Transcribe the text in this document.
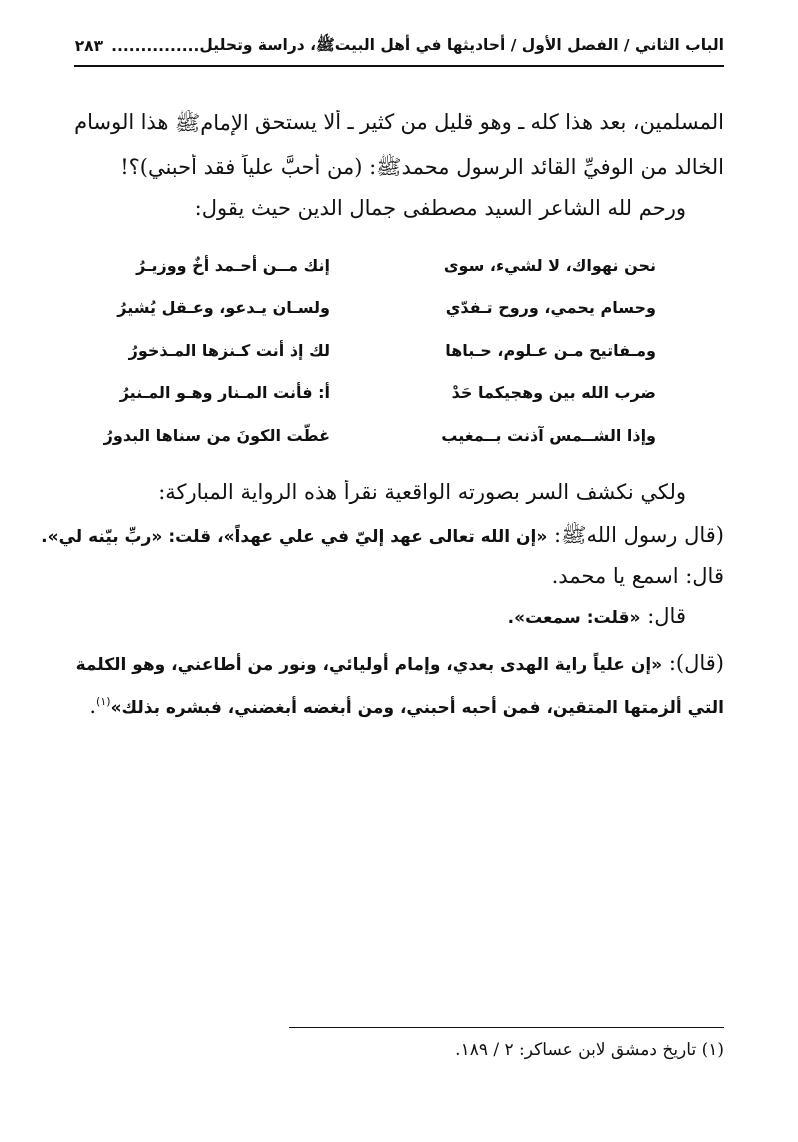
الباب الثاني / الفصل الأول / أحاديثها في أهل البيتﷺ، دراسة وتحليل
...............
٢٨٣
المسلمين،
بعد
هذا
كله
ـ
وهو
قليل
من
كثير
ـ
ألا
يستحق
الإمامﷺ
هذا
الوسام
الخالد من الوفيِّ القائد الرسول محمدﷺ: (من أحبَّ علياً فقد أحبني)؟!
ورحم لله الشاعر السيد مصطفى جمال الدين حيث يقول:
نحن نهواك، لا لشيء، سوى
إنك مــن أحـمد أخٌ ووزيـرُ
وحسام يحمي، وروح تـفدّي
ولسـان يـدعو، وعـقل يُشيرُ
ومـفاتيح مـن عـلوم، حـباها
لك إذ أنت كـنزها المـذخورُ
ضرب الله بين وهجيكما حَدْ
أ: فأنت المـنار وهـو المـنيرُ
وإذا الشــمس آذنت بــمغيب
غطّت الكونَ من سناها البدورُ
ولكي نكشف السر بصورته الواقعية نقرأ هذه الرواية المباركة:
(قال رسول اللهﷺ: «إن الله تعالى عهد إليّ في علي عهداً»، قلت: «ربِّ بيّنه لي».
قال: اسمع يا محمد.
قال: «قلت: سمعت».
(قال): «إن علياً راية الهدى بعدي، وإمام أوليائي، ونور من أطاعني، وهو الكلمة
التي ألزمتها المتقين، فمن أحبه أحبني، ومن أبغضه أبغضني، فبشره بذلك»$^{(١)}$.
(١) تاريخ دمشق لابن عساكر: ٢ / ١٨٩.
